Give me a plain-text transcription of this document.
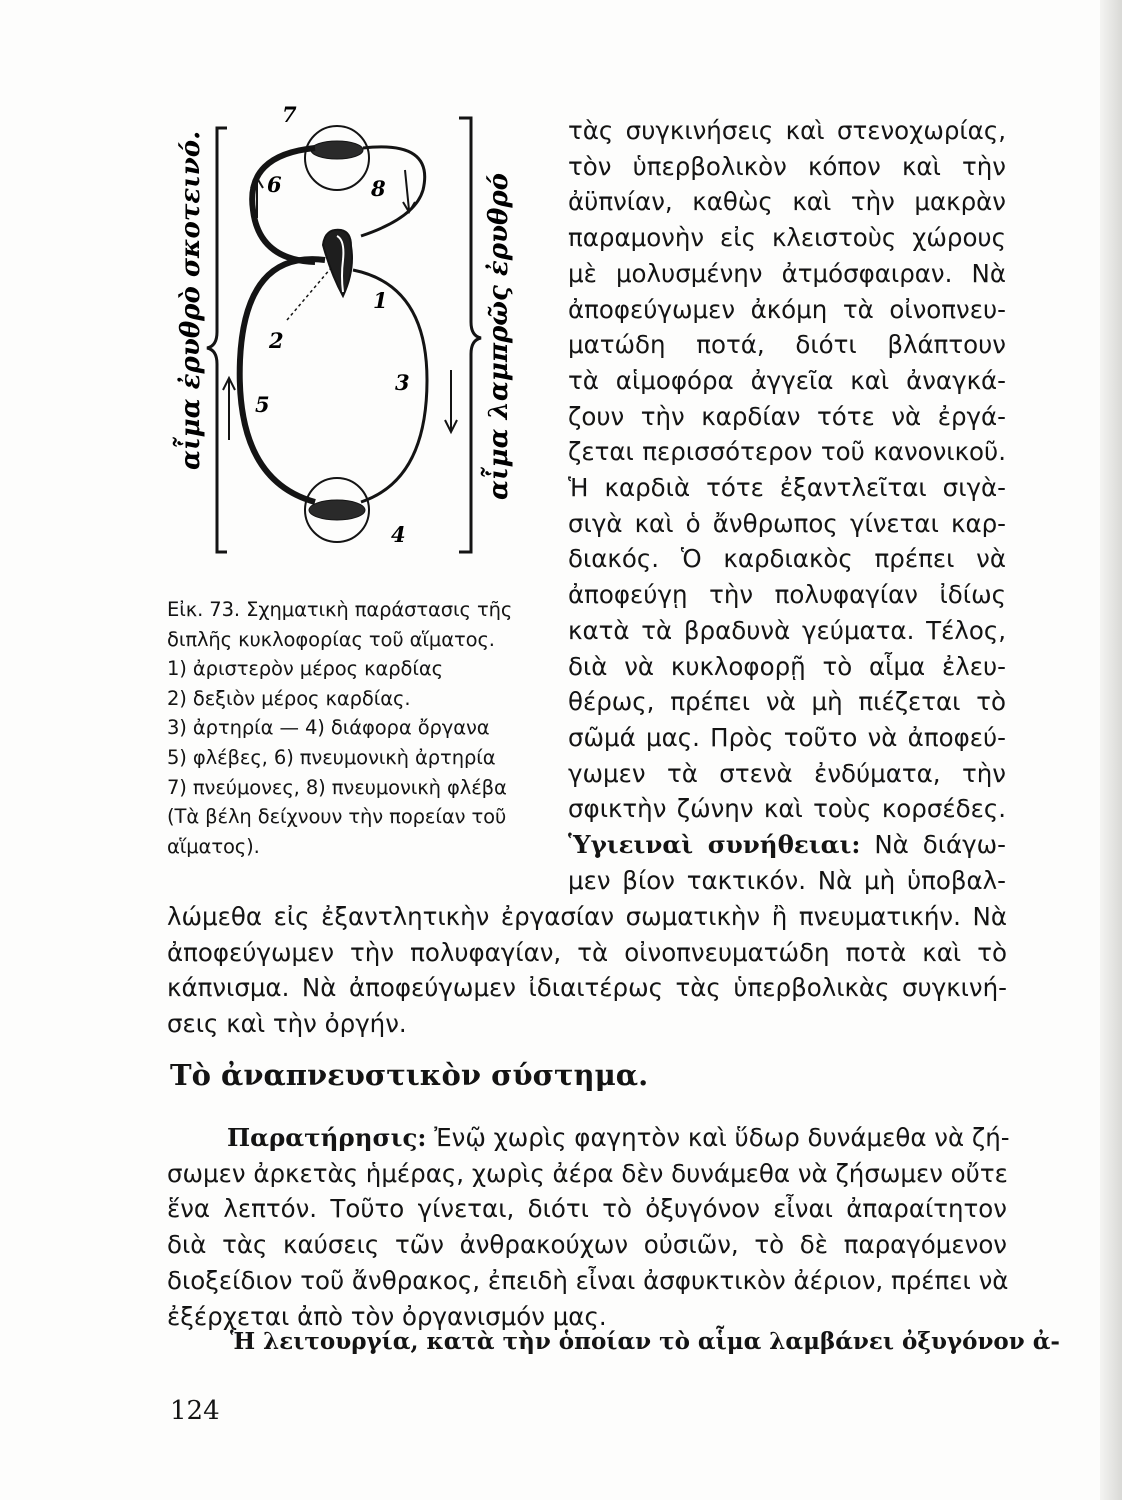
αἷμα ἐρυθρὸ σκοτεινό.	αἷμα λαμπρῶς ἐρυθρό
7
6	8
1
2
3
5
4
Εἰκ. 73. Σχηματικὴ παράστασις τῆς
διπλῆς κυκλοφορίας τοῦ αἵματος.
1) ἀριστερὸν μέρος καρδίας
2) δεξιὸν μέρος καρδίας.
3) ἀρτηρία — 4) διάφορα ὄργανα
5) φλέβες, 6) πνευμονικὴ ἀρτηρία
7) πνεύμονες, 8) πνευμονικὴ φλέβα
(Τὰ βέλη δείχνουν τὴν πορείαν τοῦ
αἵματος).
τὰς συγκινήσεις καὶ στενοχωρίας,
τὸν ὑπερβολικὸν κόπον καὶ τὴν
ἀϋπνίαν, καθὼς καὶ τὴν μακρὰν
παραμονὴν εἰς κλειστοὺς χώρους
μὲ μολυσμένην ἀτμόσφαιραν. Νὰ
ἀποφεύγωμεν ἀκόμη τὰ οἰνοπνευ-
ματώδη ποτά, διότι βλάπτουν
τὰ αἱμοφόρα ἀγγεῖα καὶ ἀναγκά-
ζουν τὴν καρδίαν τότε νὰ ἐργά-
ζεται περισσότερον τοῦ κανονικοῦ.
Ἡ καρδιὰ τότε ἐξαντλεῖται σιγὰ-
σιγὰ καὶ ὁ ἄνθρωπος γίνεται καρ-
διακός. Ὁ καρδιακὸς πρέπει νὰ
ἀποφεύγῃ τὴν πολυφαγίαν ἰδίως
κατὰ τὰ βραδυνὰ γεύματα. Τέλος,
διὰ νὰ κυκλοφορῇ τὸ αἷμα ἐλευ-
θέρως, πρέπει νὰ μὴ πιέζεται τὸ
σῶμά μας. Πρὸς τοῦτο νὰ ἀποφεύ-
γωμεν τὰ στενὰ ἐνδύματα, τὴν
σφικτὴν ζώνην καὶ τοὺς κορσέδες.
Ὑγιειναὶ συνήθειαι: Νὰ διάγω-
μεν βίον τακτικόν. Νὰ μὴ ὑποβαλ-
λώμεθα εἰς ἐξαντλητικὴν ἐργασίαν σωματικὴν ἢ πνευματικήν. Νὰ
ἀποφεύγωμεν τὴν πολυφαγίαν, τὰ οἰνοπνευματώδη ποτὰ καὶ τὸ
κάπνισμα. Νὰ ἀποφεύγωμεν ἰδιαιτέρως τὰς ὑπερβολικὰς συγκινή-
σεις καὶ τὴν ὀργήν.
Τὸ ἀναπνευστικὸν σύστημα.
Παρατήρησις: Ἐνῷ χωρὶς φαγητὸν καὶ ὕδωρ δυνάμεθα νὰ ζή-
σωμεν ἀρκετὰς ἡμέρας, χωρὶς ἀέρα δὲν δυνάμεθα νὰ ζήσωμεν οὔτε
ἕνα λεπτόν. Τοῦτο γίνεται, διότι τὸ ὀξυγόνον εἶναι ἀπαραίτητον
διὰ τὰς καύσεις τῶν ἀνθρακούχων οὐσιῶν, τὸ δὲ παραγόμενον
διοξείδιον τοῦ ἄνθρακος, ἐπειδὴ εἶναι ἀσφυκτικὸν ἀέριον, πρέπει νὰ
ἐξέρχεται ἀπὸ τὸν ὀργανισμόν μας.
Ἡ λειτουργία, κατὰ τὴν ὁποίαν τὸ αἷμα λαμβάνει ὀξυγόνον ἀ-
124
